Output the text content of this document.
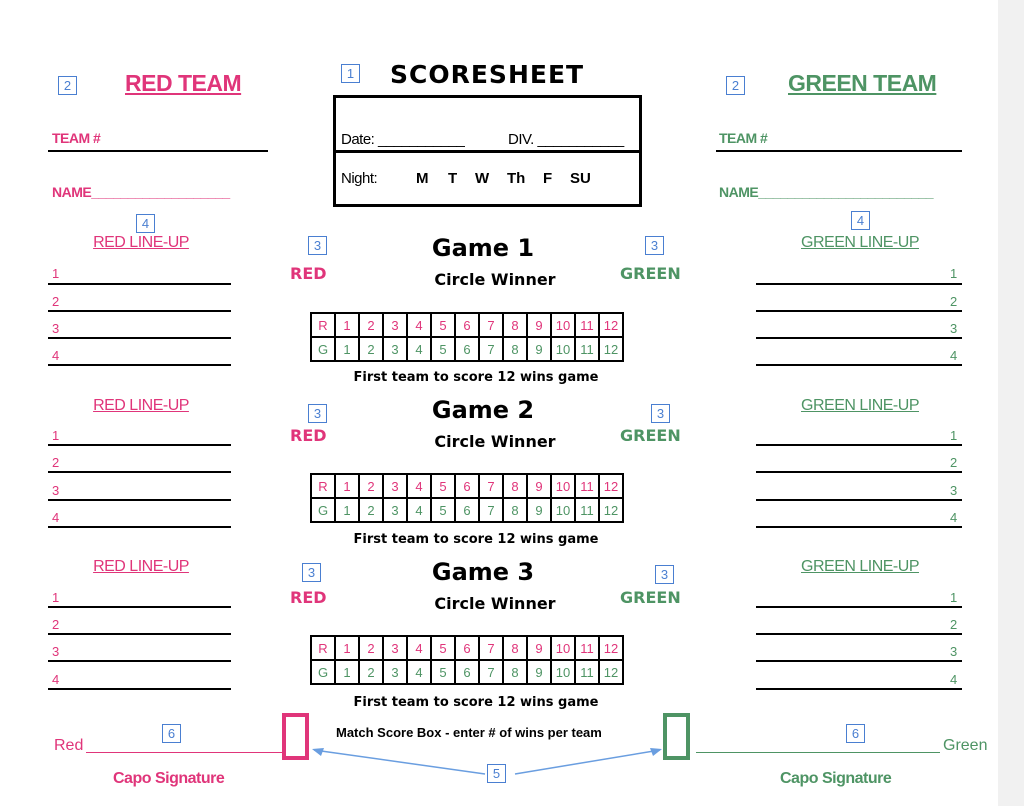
1 SCORESHEET
Date: ___________	DIV. ___________
Night:	M T W Th F SU
2 RED TEAM
TEAM #
NAME___________________
4
RED LINE-UP
1
2
3
4
RED LINE-UP
1
2
3
4
RED LINE-UP
1
2
3
4
2 GREEN TEAM
TEAM #
NAME________________________
4
GREEN LINE-UP
1
2
3
4
GREEN LINE-UP
1
2
3
4
GREEN LINE-UP
1
2
3
4
3
RED
Game 1
Circle Winner
3
GREEN
R	1	2	3	4	5	6	7	8	9	10	11	12
G	1	2	3	4	5	6	7	8	9	10	11	12
First team to score 12 wins game
3
RED
Game 2
Circle Winner
3
GREEN
R	1	2	3	4	5	6	7	8	9	10	11	12
G	1	2	3	4	5	6	7	8	9	10	11	12
First team to score 12 wins game
3
RED
Game 3
Circle Winner
3
GREEN
R	1	2	3	4	5	6	7	8	9	10	11	12
G	1	2	3	4	5	6	7	8	9	10	11	12
First team to score 12 wins game
Red
6
Capo Signature
Match Score Box - enter # of wins per team
5
Green
6
Capo Signature
